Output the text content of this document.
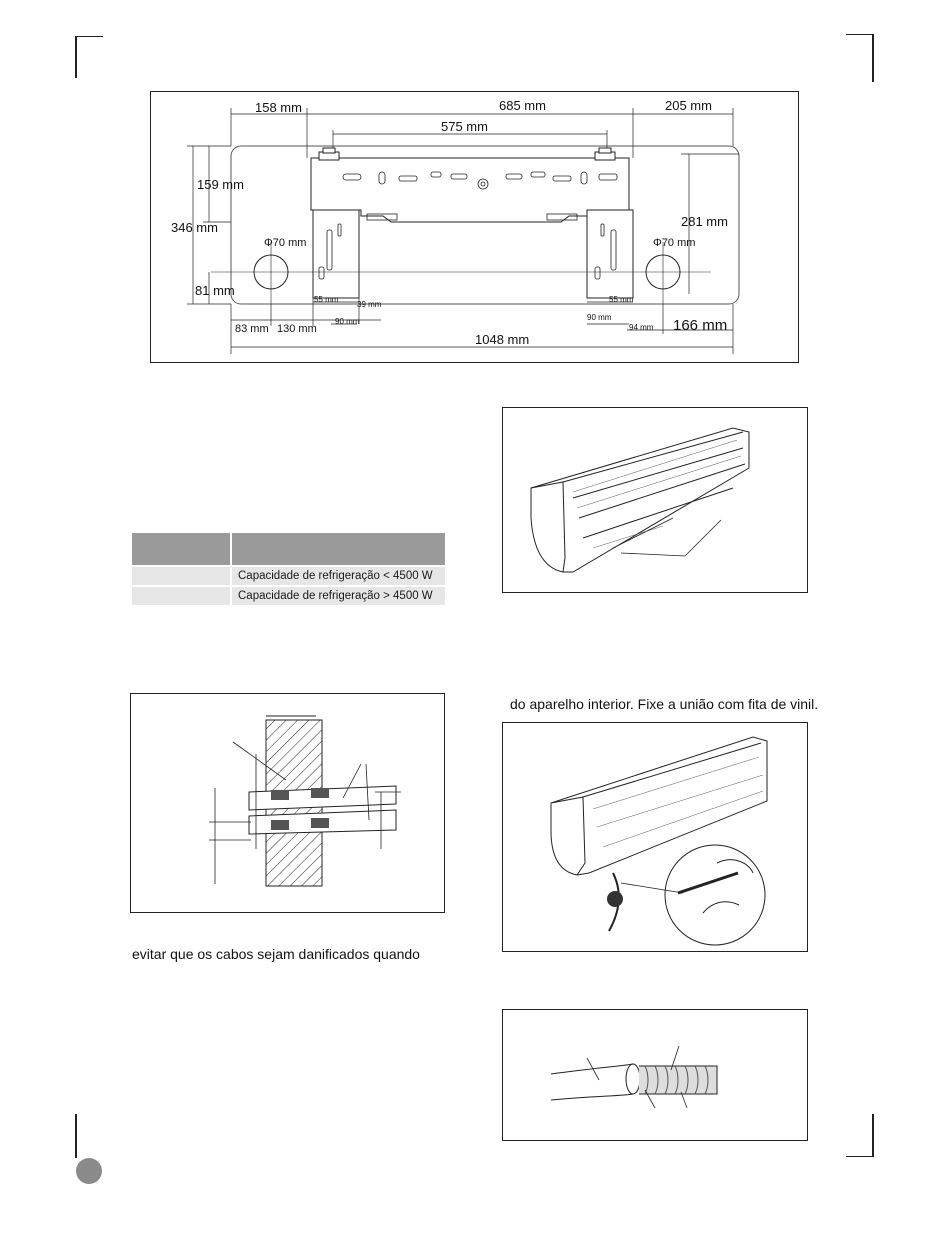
158 mm	685 mm	205 mm
575 mm
159 mm
346 mm	281 mm
81 mm
Φ70 mm	Φ70 mm
55 mm	55 mm
39 mm
90 mm	90 mm
83 mm 130 mm	94 mm 166 mm
1048 mm

	Capacidade de refrigeração < 4500 W
	Capacidade de refrigeração > 4500 W
evitar que os cabos sejam danificados quando
do aparelho interior. Fixe a união com fita de vinil.
